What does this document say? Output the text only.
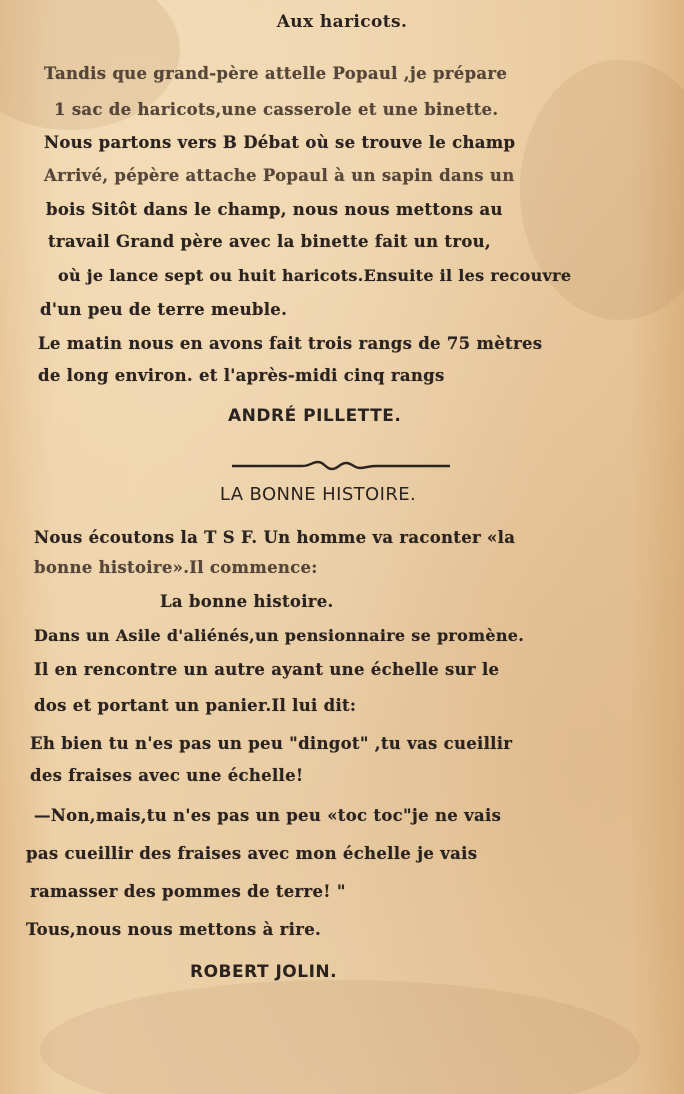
Aux haricots.
Tandis que grand-père attelle Popaul ,je prépare
1 sac de haricots,une casserole et une binette.
Nous partons vers B Débat où se trouve le champ
Arrivé, pépère attache Popaul à un sapin dans un
bois Sitôt dans le champ, nous nous mettons au
travail Grand père avec la binette fait un trou,
où je lance sept ou huit haricots.Ensuite il les recouvre
d'un peu de terre meuble.
Le matin nous en avons fait trois rangs de 75 mètres
de long environ. et l'après-midi cinq rangs
ANDRÉ PILLETTE.
LA BONNE HISTOIRE.
Nous écoutons la T S F. Un homme va raconter «la
bonne histoire».Il commence:
La bonne histoire.
Dans un Asile d'aliénés,un pensionnaire se promène.
Il en rencontre un autre ayant une échelle sur le
dos et portant un panier.Il lui dit:
Eh bien tu n'es pas un peu "dingot" ,tu vas cueillir
des fraises avec une échelle!
—Non,mais,tu n'es pas un peu «toc toc"je ne vais
pas cueillir des fraises avec mon échelle je vais
ramasser des pommes de terre! "
Tous,nous nous mettons à rire.
ROBERT JOLIN.
